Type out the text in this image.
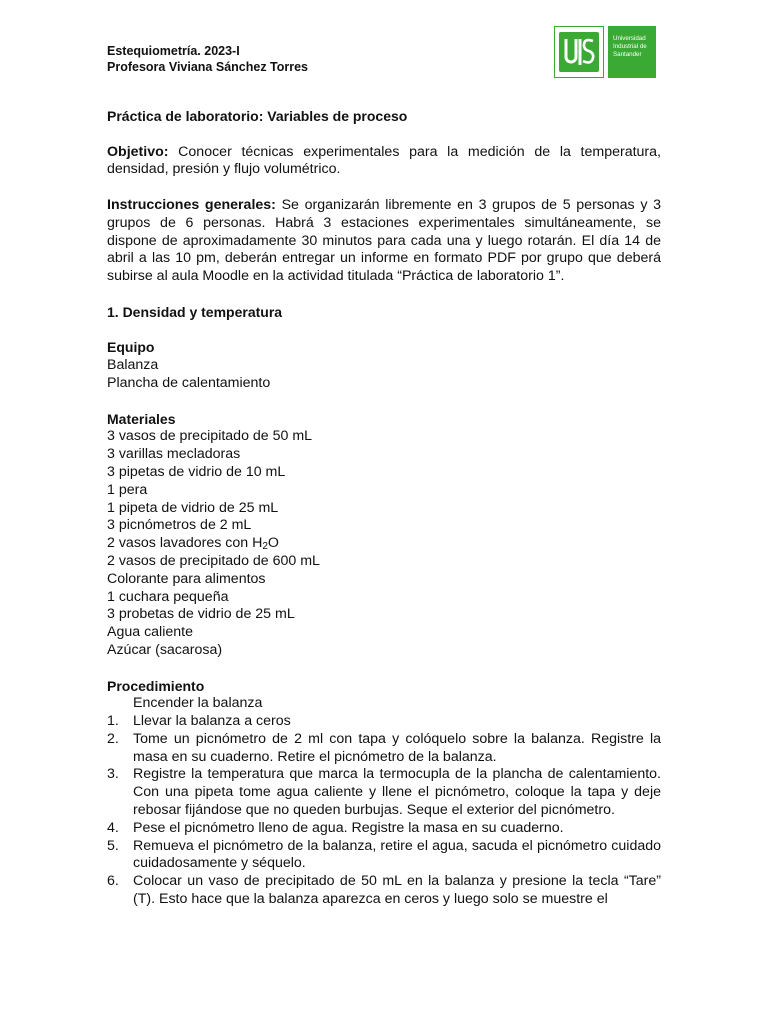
Estequiometría. 2023-I
Profesora Viviana Sánchez Torres
Universidad
Industrial de
Santander
Práctica de laboratorio: Variables de proceso
Objetivo: Conocer técnicas experimentales para la medición de la temperatura, densidad, presión y flujo volumétrico.
Instrucciones generales: Se organizarán libremente en 3 grupos de 5 personas y 3 grupos de 6 personas. Habrá 3 estaciones experimentales simultáneamente, se dispone de aproximadamente 30 minutos para cada una y luego rotarán. El día 14 de abril a las 10 pm, deberán entregar un informe en formato PDF por grupo que deberá subirse al aula Moodle en la actividad titulada “Práctica de laboratorio 1”.
1. Densidad y temperatura
Equipo
Balanza
Plancha de calentamiento
Materiales
3 vasos de precipitado de 50 mL
3 varillas mecladoras
3 pipetas de vidrio de 10 mL
1 pera
1 pipeta de vidrio de 25 mL
3 picnómetros de 2 mL
2 vasos lavadores con $H_2O$
2 vasos de precipitado de 600 mL
Colorante para alimentos
1 cuchara pequeña
3 probetas de vidrio de 25 mL
Agua caliente
Azúcar (sacarosa)
Procedimiento
Encender la balanza
1. Llevar la balanza a ceros
2. Tome un picnómetro de 2 ml con tapa y colóquelo sobre la balanza. Registre la masa en su cuaderno. Retire el picnómetro de la balanza.
3. Registre la temperatura que marca la termocupla de la plancha de calentamiento. Con una pipeta tome agua caliente y llene el picnómetro, coloque la tapa y deje rebosar fijándose que no queden burbujas. Seque el exterior del picnómetro.
4. Pese el picnómetro lleno de agua. Registre la masa en su cuaderno.
5. Remueva el picnómetro de la balanza, retire el agua, sacuda el picnómetro cuidado cuidadosamente y séquelo.
6. Colocar un vaso de precipitado de 50 mL en la balanza y presione la tecla “Tare” (T). Esto hace que la balanza aparezca en ceros y luego solo se muestre el
